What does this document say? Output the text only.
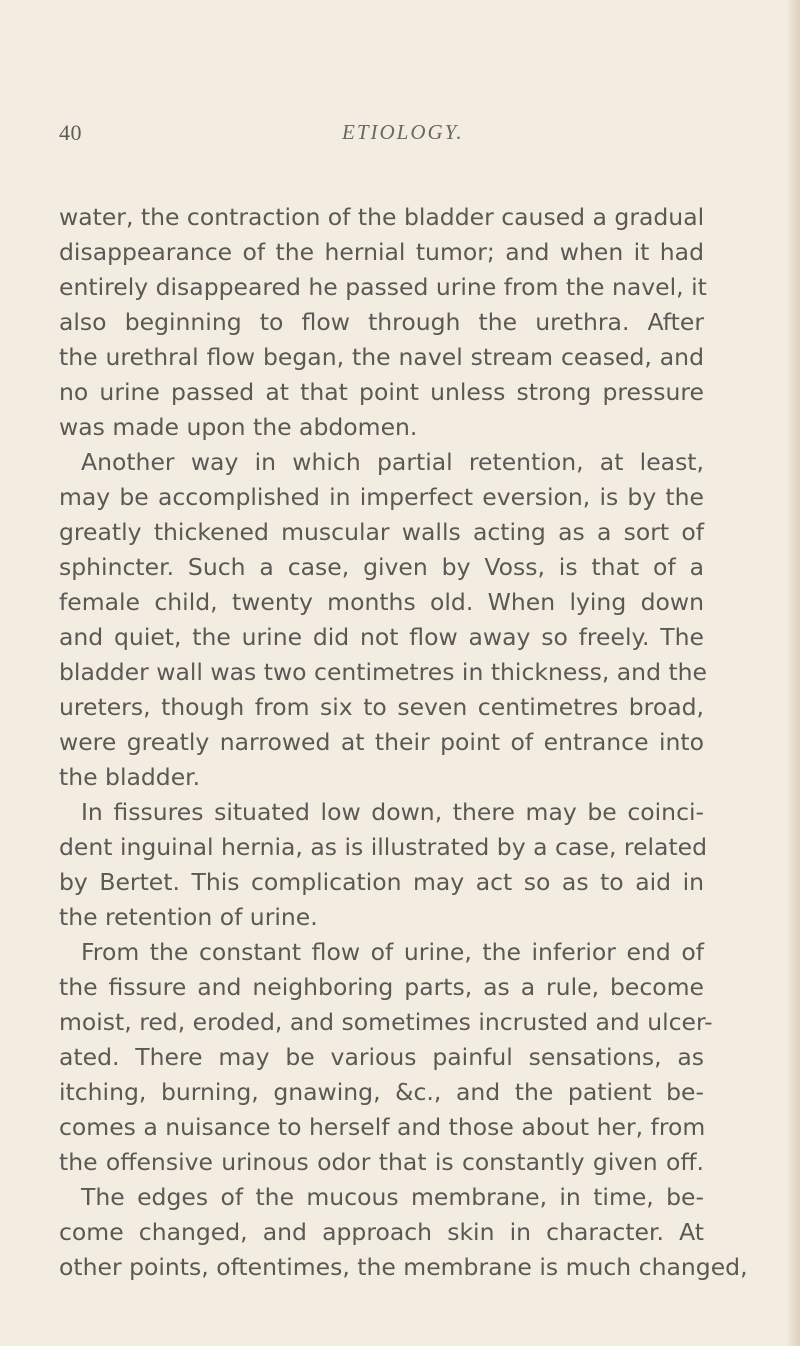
40	ETIOLOGY.
water, the contraction of the bladder caused a gradual
disappearance of the hernial tumor; and when it had
entirely disappeared he passed urine from the navel, it
also beginning to flow through the urethra. After
the urethral flow began, the navel stream ceased, and
no urine passed at that point unless strong pressure
was made upon the abdomen.
Another way in which partial retention, at least,
may be accomplished in imperfect eversion, is by the
greatly thickened muscular walls acting as a sort of
sphincter. Such a case, given by Voss, is that of a
female child, twenty months old. When lying down
and quiet, the urine did not flow away so freely. The
bladder wall was two centimetres in thickness, and the
ureters, though from six to seven centimetres broad,
were greatly narrowed at their point of entrance into
the bladder.
In fissures situated low down, there may be coinci-
dent inguinal hernia, as is illustrated by a case, related
by Bertet. This complication may act so as to aid in
the retention of urine.
From the constant flow of urine, the inferior end of
the fissure and neighboring parts, as a rule, become
moist, red, eroded, and sometimes incrusted and ulcer-
ated. There may be various painful sensations, as
itching, burning, gnawing, &c., and the patient be-
comes a nuisance to herself and those about her, from
the offensive urinous odor that is constantly given off.
The edges of the mucous membrane, in time, be-
come changed, and approach skin in character. At
other points, oftentimes, the membrane is much changed,
